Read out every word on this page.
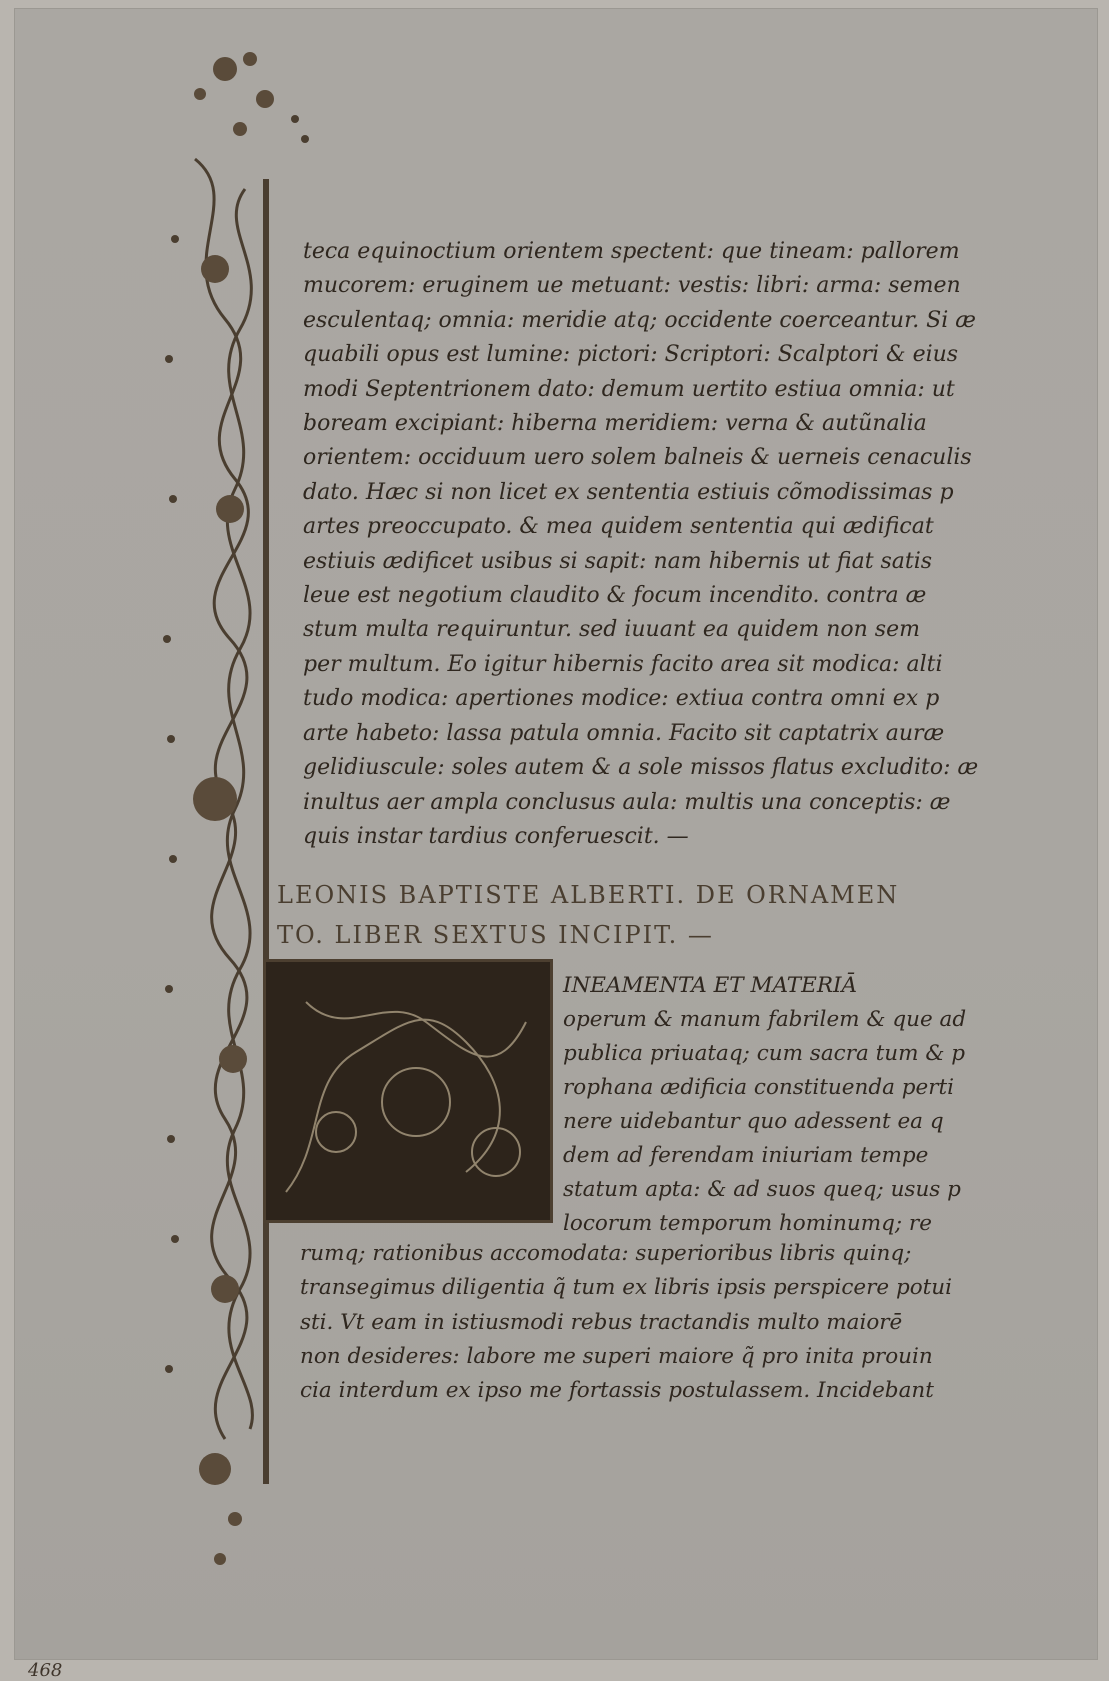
teca equinoctium orientem spectent: que tineam: pallorem
mucorem: eruginem ue metuant: vestis: libri: arma: semen
esculentaq; omnia: meridie atq; occidente coerceantur. Si æ
quabili opus est lumine: pictori: Scriptori: Scalptori & eius
modi Septentrionem dato: demum uertito estiua omnia: ut
boream excipiant: hiberna meridiem: verna & autũnalia
orientem: occiduum uero solem balneis & uerneis cenaculis
dato. Hæc si non licet ex sententia estiuis cõmodissimas p
artes preoccupato. & mea quidem sententia qui ædificat
estiuis ædificet usibus si sapit: nam hibernis ut fiat satis
leue est negotium claudito & focum incendito. contra æ
stum multa requiruntur. sed iuuant ea quidem non sem
per multum. Eo igitur hibernis facito area sit modica: alti
tudo modica: apertiones modice: extiua contra omni ex p
arte habeto: lassa patula omnia. Facito sit captatrix auræ
gelidiuscule: soles autem & a sole missos flatus excludito: æ
inultus aer ampla conclusus aula: multis una conceptis: æ
quis instar tardius conferuescit. —
LEONIS BAPTISTE ALBERTI. DE ORNAMEN
TO. LIBER SEXTUS INCIPIT. —
INEAMENTA ET MATERIĀ
operum & manum fabrilem & que ad
publica priuataq; cum sacra tum & p
rophana ædificia constituenda perti
nere uidebantur quo adessent ea q
dem ad ferendam iniuriam tempe
statum apta: & ad suos queq; usus p
locorum temporum hominumq; re
rumq; rationibus accomodata: superioribus libris quinq;
transegimus diligentia q̃ tum ex libris ipsis perspicere potui
sti. Vt eam in istiusmodi rebus tractandis multo maiorē
non desideres: labore me superi maiore q̃ pro inita prouin
cia interdum ex ipso me fortassis postulassem. Incidebant
468
